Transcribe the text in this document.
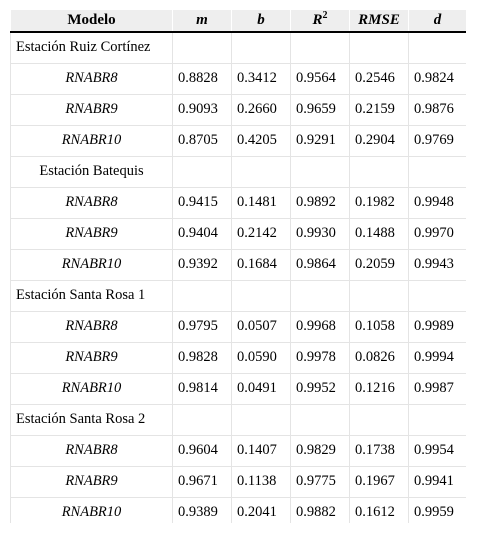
Modelo	m	b	$R^2$	RMSE	d
Estación Ruiz Cortínez					
RNABR8	0.8828	0.3412	0.9564	0.2546	0.9824
RNABR9	0.9093	0.2660	0.9659	0.2159	0.9876
RNABR10	0.8705	0.4205	0.9291	0.2904	0.9769
Estación Batequis					
RNABR8	0.9415	0.1481	0.9892	0.1982	0.9948
RNABR9	0.9404	0.2142	0.9930	0.1488	0.9970
RNABR10	0.9392	0.1684	0.9864	0.2059	0.9943
Estación Santa Rosa 1					
RNABR8	0.9795	0.0507	0.9968	0.1058	0.9989
RNABR9	0.9828	0.0590	0.9978	0.0826	0.9994
RNABR10	0.9814	0.0491	0.9952	0.1216	0.9987
Estación Santa Rosa 2					
RNABR8	0.9604	0.1407	0.9829	0.1738	0.9954
RNABR9	0.9671	0.1138	0.9775	0.1967	0.9941
RNABR10	0.9389	0.2041	0.9882	0.1612	0.9959
